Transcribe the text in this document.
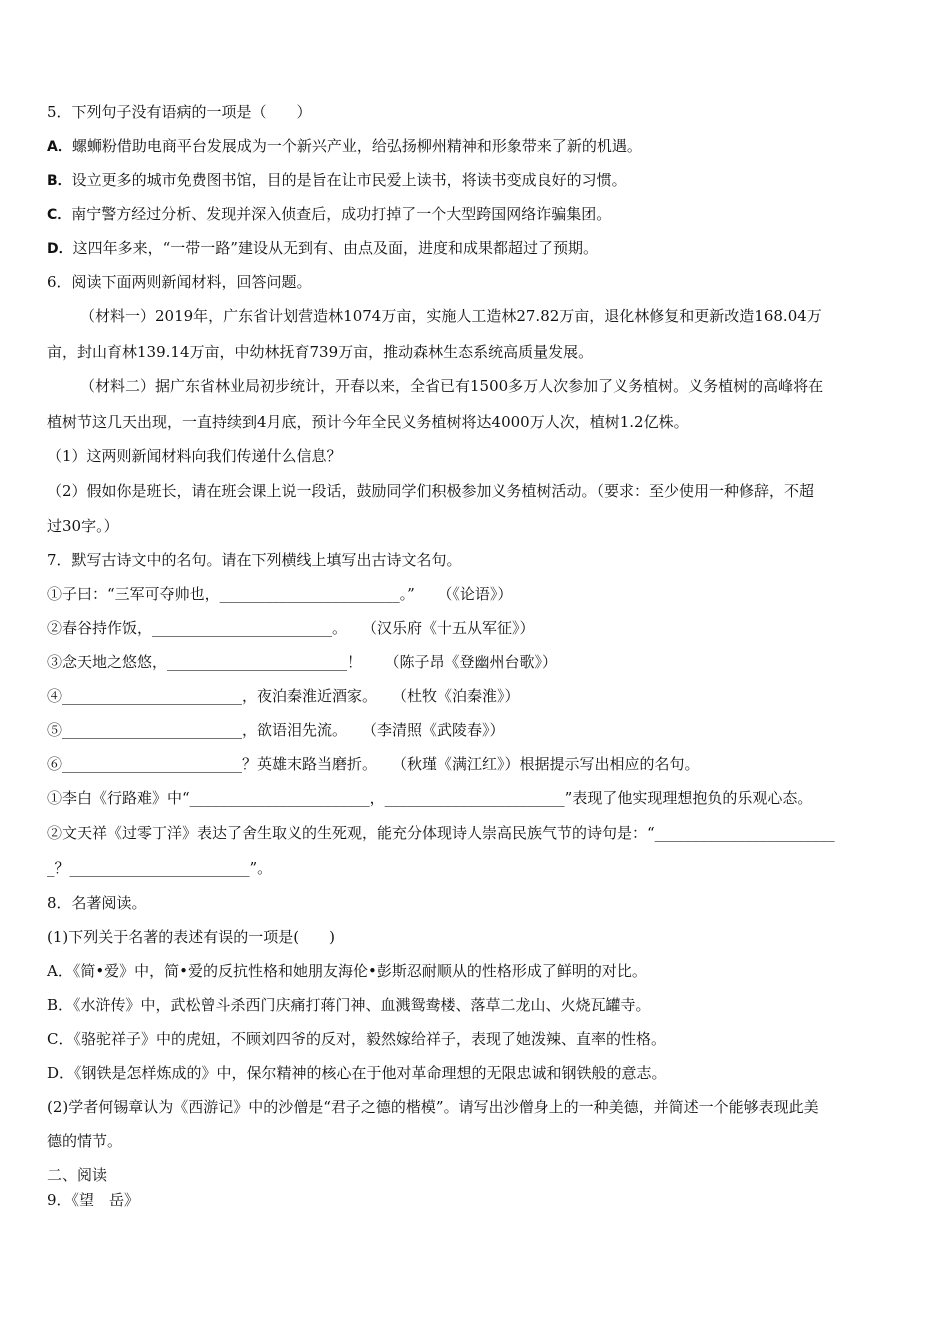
5．下列句子没有语病的一项是（　　）
A．螺蛳粉借助电商平台发展成为一个新兴产业，给弘扬柳州精神和形象带来了新的机遇。
B．设立更多的城市免费图书馆，目的是旨在让市民爱上读书，将读书变成良好的习惯。
C．南宁警方经过分析、发现并深入侦查后，成功打掉了一个大型跨国网络诈骗集团。
D．这四年多来，“一带一路”建设从无到有、由点及面，进度和成果都超过了预期。
6．阅读下面两则新闻材料，回答问题。
（材料一）2019年，广东省计划营造林1074万亩，实施人工造林27.82万亩，退化林修复和更新改造168.04万
亩，封山育林139.14万亩，中幼林抚育739万亩，推动森林生态系统高质量发展。
（材料二）据广东省林业局初步统计，开春以来，全省已有1500多万人次参加了义务植树。义务植树的高峰将在
植树节这几天出现，一直持续到4月底，预计今年全民义务植树将达4000万人次，植树1.2亿株。
（1）这两则新闻材料向我们传递什么信息？
（2）假如你是班长，请在班会课上说一段话，鼓励同学们积极参加义务植树活动。（要求：至少使用一种修辞，不超
过30字。）
7．默写古诗文中的名句。请在下列横线上填写出古诗文名句。
①子曰：“三军可夺帅也，________________________。”　　（《论语》）
②春谷持作饭，________________________。　　（汉乐府《十五从军征》）
③念天地之悠悠，________________________！　　（陈子昂《登幽州台歌》）
④________________________，夜泊秦淮近酒家。　　（杜牧《泊秦淮》）
⑤________________________，欲语泪先流。　　（李清照《武陵春》）
⑥________________________？英雄末路当磨折。　　（秋瑾《满江红》）根据提示写出相应的名句。
①李白《行路难》中“________________________，________________________”表现了他实现理想抱负的乐观心态。
②文天祥《过零丁洋》表达了舍生取义的生死观，能充分体现诗人崇高民族气节的诗句是：“________________________
_？________________________”。
8．名著阅读。
(1)下列关于名著的表述有误的一项是(　　)
A．《简•爱》中，简•爱的反抗性格和她朋友海伦•彭斯忍耐顺从的性格形成了鲜明的对比。
B．《水浒传》中，武松曾斗杀西门庆痛打蒋门神、血溅鸳鸯楼、落草二龙山、火烧瓦罐寺。
C．《骆驼祥子》中的虎妞，不顾刘四爷的反对，毅然嫁给祥子，表现了她泼辣、直率的性格。
D．《钢铁是怎样炼成的》中，保尔精神的核心在于他对革命理想的无限忠诚和钢铁般的意志。
(2)学者何锡章认为《西游记》中的沙僧是“君子之德的楷模”。请写出沙僧身上的一种美德，并简述一个能够表现此美
德的情节。
二、阅读
9．《望　岳》
